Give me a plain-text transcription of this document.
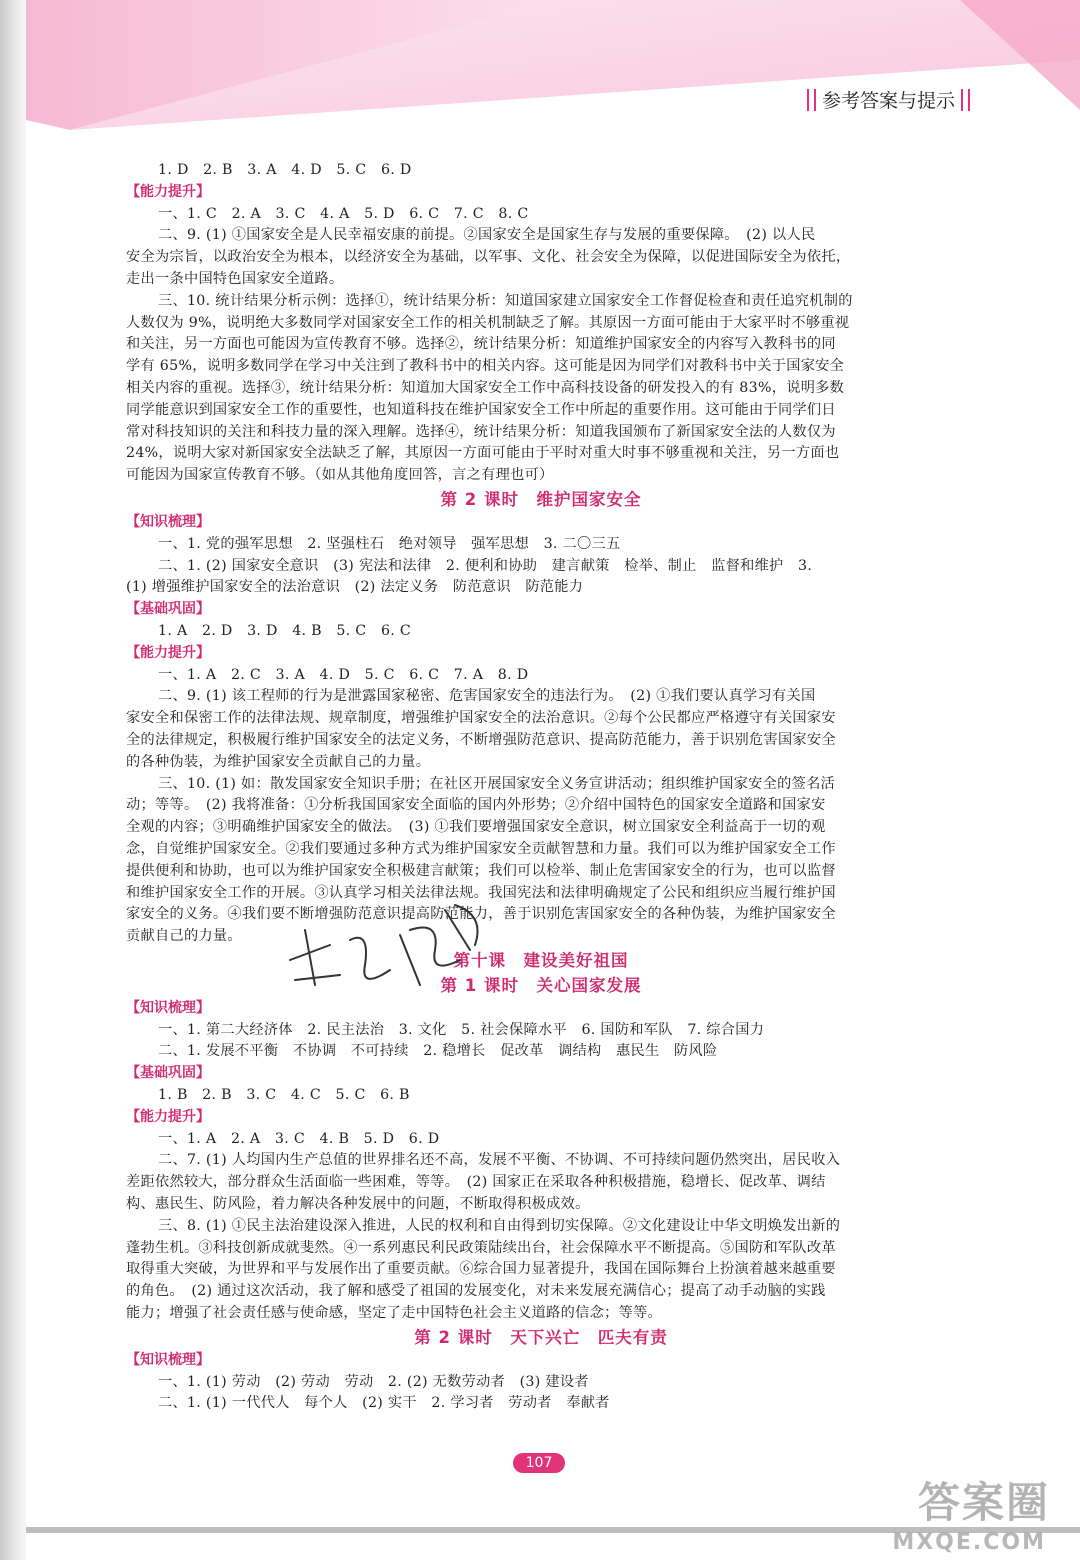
参考答案与提示
1. D　2. B　3. A　4. D　5. C　6. D
【能力提升】
一、1. C　2. A　3. C　4. A　5. D　6. C　7. C　8. C
二、9. (1) ①国家安全是人民幸福安康的前提。②国家安全是国家生存与发展的重要保障。　(2) 以人民
安全为宗旨，以政治安全为根本，以经济安全为基础，以军事、文化、社会安全为保障，以促进国际安全为依托，
走出一条中国特色国家安全道路。
三、10. 统计结果分析示例：选择①，统计结果分析：知道国家建立国家安全工作督促检查和责任追究机制的
人数仅为 9%，说明绝大多数同学对国家安全工作的相关机制缺乏了解。其原因一方面可能由于大家平时不够重视
和关注，另一方面也可能因为宣传教育不够。选择②，统计结果分析：知道维护国家安全的内容写入教科书的同
学有 65%，说明多数同学在学习中关注到了教科书中的相关内容。这可能是因为同学们对教科书中关于国家安全
相关内容的重视。选择③，统计结果分析：知道加大国家安全工作中高科技设备的研发投入的有 83%，说明多数
同学能意识到国家安全工作的重要性，也知道科技在维护国家安全工作中所起的重要作用。这可能由于同学们日
常对科技知识的关注和科技力量的深入理解。选择④，统计结果分析：知道我国颁布了新国家安全法的人数仅为
24%，说明大家对新国家安全法缺乏了解，其原因一方面可能由于平时对重大时事不够重视和关注，另一方面也
可能因为国家宣传教育不够。（如从其他角度回答，言之有理也可）
第 2 课时　维护国家安全
【知识梳理】
一、1. 党的强军思想　2. 坚强柱石　绝对领导　强军思想　3. 二〇三五
二、1. (2) 国家安全意识　(3) 宪法和法律　2. 便利和协助　建言献策　检举、制止　监督和维护　3.
(1) 增强维护国家安全的法治意识　(2) 法定义务　防范意识　防范能力
【基础巩固】
1. A　2. D　3. D　4. B　5. C　6. C
【能力提升】
一、1. A　2. C　3. A　4. D　5. C　6. C　7. A　8. D
二、9. (1) 该工程师的行为是泄露国家秘密、危害国家安全的违法行为。　(2) ①我们要认真学习有关国
家安全和保密工作的法律法规、规章制度，增强维护国家安全的法治意识。②每个公民都应严格遵守有关国家安
全的法律规定，积极履行维护国家安全的法定义务，不断增强防范意识、提高防范能力，善于识别危害国家安全
的各种伪装，为维护国家安全贡献自己的力量。
三、10. (1) 如：散发国家安全知识手册；在社区开展国家安全义务宣讲活动；组织维护国家安全的签名活
动；等等。　(2) 我将准备：①分析我国国家安全面临的国内外形势；②介绍中国特色的国家安全道路和国家安
全观的内容；③明确维护国家安全的做法。　(3) ①我们要增强国家安全意识，树立国家安全利益高于一切的观
念，自觉维护国家安全。②我们要通过多种方式为维护国家安全贡献智慧和力量。我们可以为维护国家安全工作
提供便利和协助，也可以为维护国家安全积极建言献策；我们可以检举、制止危害国家安全的行为，也可以监督
和维护国家安全工作的开展。③认真学习相关法律法规。我国宪法和法律明确规定了公民和组织应当履行维护国
家安全的义务。④我们要不断增强防范意识提高防范能力，善于识别危害国家安全的各种伪装，为维护国家安全
贡献自己的力量。
第十课　建设美好祖国
第 1 课时　关心国家发展
【知识梳理】
一、1. 第二大经济体　2. 民主法治　3. 文化　5. 社会保障水平　6. 国防和军队　7. 综合国力
二、1. 发展不平衡　不协调　不可持续　2. 稳增长　促改革　调结构　惠民生　防风险
【基础巩固】
1. B　2. B　3. C　4. C　5. C　6. B
【能力提升】
一、1. A　2. A　3. C　4. B　5. D　6. D
二、7. (1) 人均国内生产总值的世界排名还不高，发展不平衡、不协调、不可持续问题仍然突出，居民收入
差距依然较大，部分群众生活面临一些困难，等等。　(2) 国家正在采取各种积极措施，稳增长、促改革、调结
构、惠民生、防风险，着力解决各种发展中的问题，不断取得积极成效。
三、8. (1) ①民主法治建设深入推进，人民的权利和自由得到切实保障。②文化建设让中华文明焕发出新的
蓬勃生机。③科技创新成就斐然。④一系列惠民利民政策陆续出台，社会保障水平不断提高。⑤国防和军队改革
取得重大突破，为世界和平与发展作出了重要贡献。⑥综合国力显著提升，我国在国际舞台上扮演着越来越重要
的角色。　(2) 通过这次活动，我了解和感受了祖国的发展变化，对未来发展充满信心；提高了动手动脑的实践
能力；增强了社会责任感与使命感，坚定了走中国特色社会主义道路的信念；等等。
第 2 课时　天下兴亡　匹夫有责
【知识梳理】
一、1. (1) 劳动　(2) 劳动　劳动　2. (2) 无数劳动者　(3) 建设者
二、1. (1) 一代代人　每个人　(2) 实干　2. 学习者　劳动者　奉献者
107
答案圈
MXQE.COM
